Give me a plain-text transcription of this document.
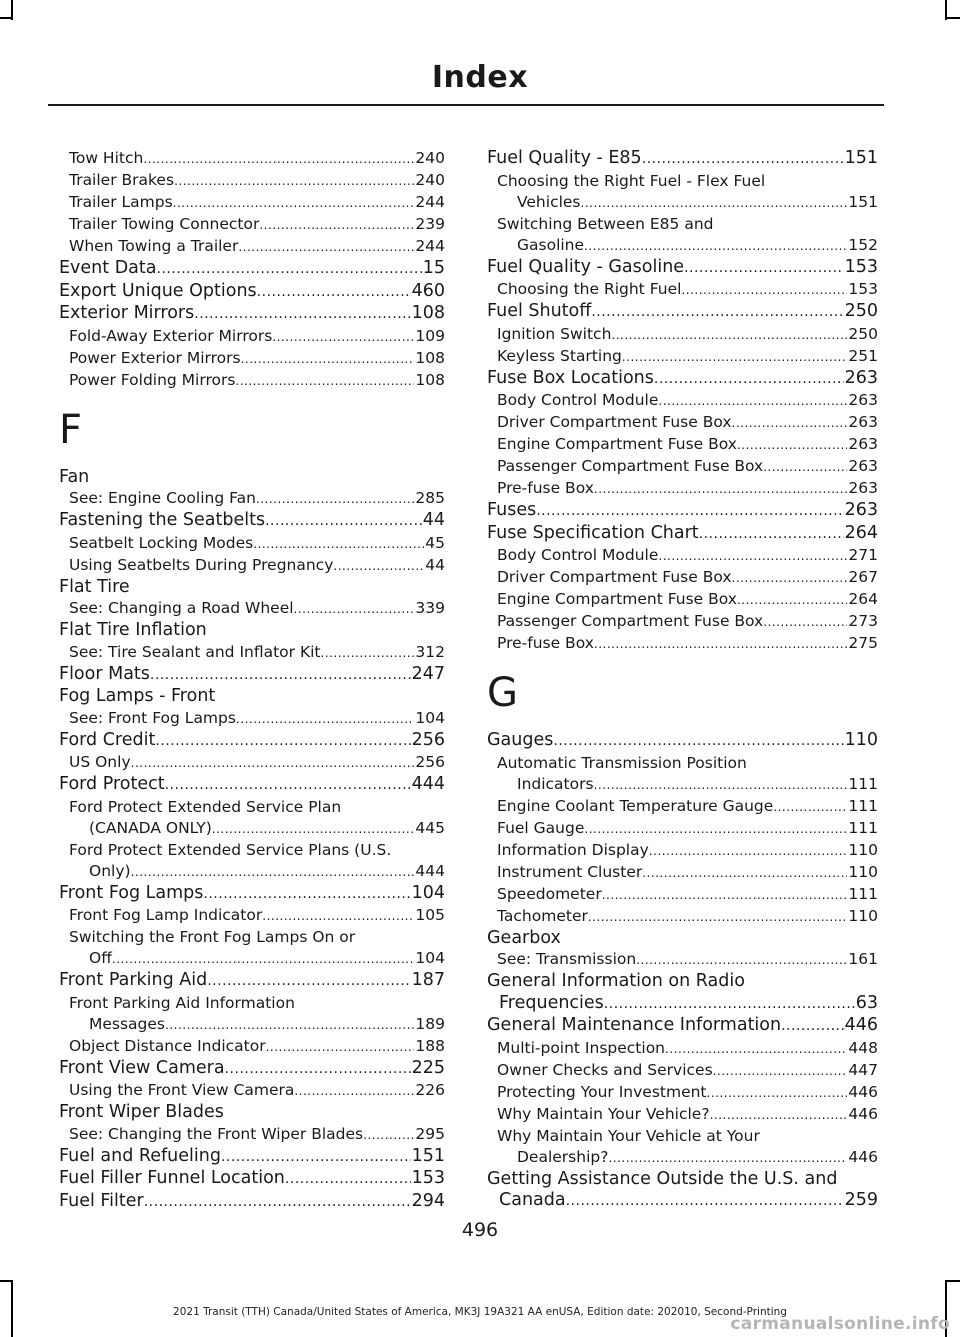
Index
Tow Hitch .....	240
Trailer Brakes .....	240
Trailer Lamps .....	244
Trailer Towing Connector .....	239
When Towing a Trailer .....	244
Event Data .....	15
Export Unique Options .....	460
Exterior Mirrors .....	108
Fold-Away Exterior Mirrors .....	109
Power Exterior Mirrors .....	108
Power Folding Mirrors .....	108
F
Fan
See: Engine Cooling Fan .....	285
Fastening the Seatbelts .....	44
Seatbelt Locking Modes .....	45
Using Seatbelts During Pregnancy .....	44
Flat Tire
See: Changing a Road Wheel .....	339
Flat Tire Inflation
See: Tire Sealant and Inflator Kit .....	312
Floor Mats .....	247
Fog Lamps - Front
See: Front Fog Lamps .....	104
Ford Credit .....	256
US Only .....	256
Ford Protect .....	444
Ford Protect Extended Service Plan
(CANADA ONLY) .....	445
Ford Protect Extended Service Plans (U.S.
Only) .....	444
Front Fog Lamps .....	104
Front Fog Lamp Indicator .....	105
Switching the Front Fog Lamps On or
Off .....	104
Front Parking Aid .....	187
Front Parking Aid Information
Messages .....	189
Object Distance Indicator .....	188
Front View Camera .....	225
Using the Front View Camera .....	226
Front Wiper Blades
See: Changing the Front Wiper Blades .....	295
Fuel and Refueling .....	151
Fuel Filler Funnel Location .....	153
Fuel Filter .....	294
Fuel Quality - E85 .....	151
Choosing the Right Fuel - Flex Fuel
Vehicles .....	151
Switching Between E85 and
Gasoline .....	152
Fuel Quality - Gasoline .....	153
Choosing the Right Fuel .....	153
Fuel Shutoff .....	250
Ignition Switch .....	250
Keyless Starting .....	251
Fuse Box Locations .....	263
Body Control Module .....	263
Driver Compartment Fuse Box .....	263
Engine Compartment Fuse Box .....	263
Passenger Compartment Fuse Box .....	263
Pre-fuse Box .....	263
Fuses .....	263
Fuse Specification Chart .....	264
Body Control Module .....	271
Driver Compartment Fuse Box .....	267
Engine Compartment Fuse Box .....	264
Passenger Compartment Fuse Box .....	273
Pre-fuse Box .....	275
G
Gauges .....	110
Automatic Transmission Position
Indicators .....	111
Engine Coolant Temperature Gauge .....	111
Fuel Gauge .....	111
Information Display .....	110
Instrument Cluster .....	110
Speedometer .....	111
Tachometer .....	110
Gearbox
See: Transmission .....	161
General Information on Radio
Frequencies .....	63
General Maintenance Information .....	446
Multi-point Inspection .....	448
Owner Checks and Services .....	447
Protecting Your Investment .....	446
Why Maintain Your Vehicle? .....	446
Why Maintain Your Vehicle at Your
Dealership? .....	446
Getting Assistance Outside the U.S. and
Canada .....	259
496
2021 Transit (TTH) Canada/United States of America, MK3J 19A321 AA enUSA, Edition date: 202010, Second-Printing
carmanualsonline.info
